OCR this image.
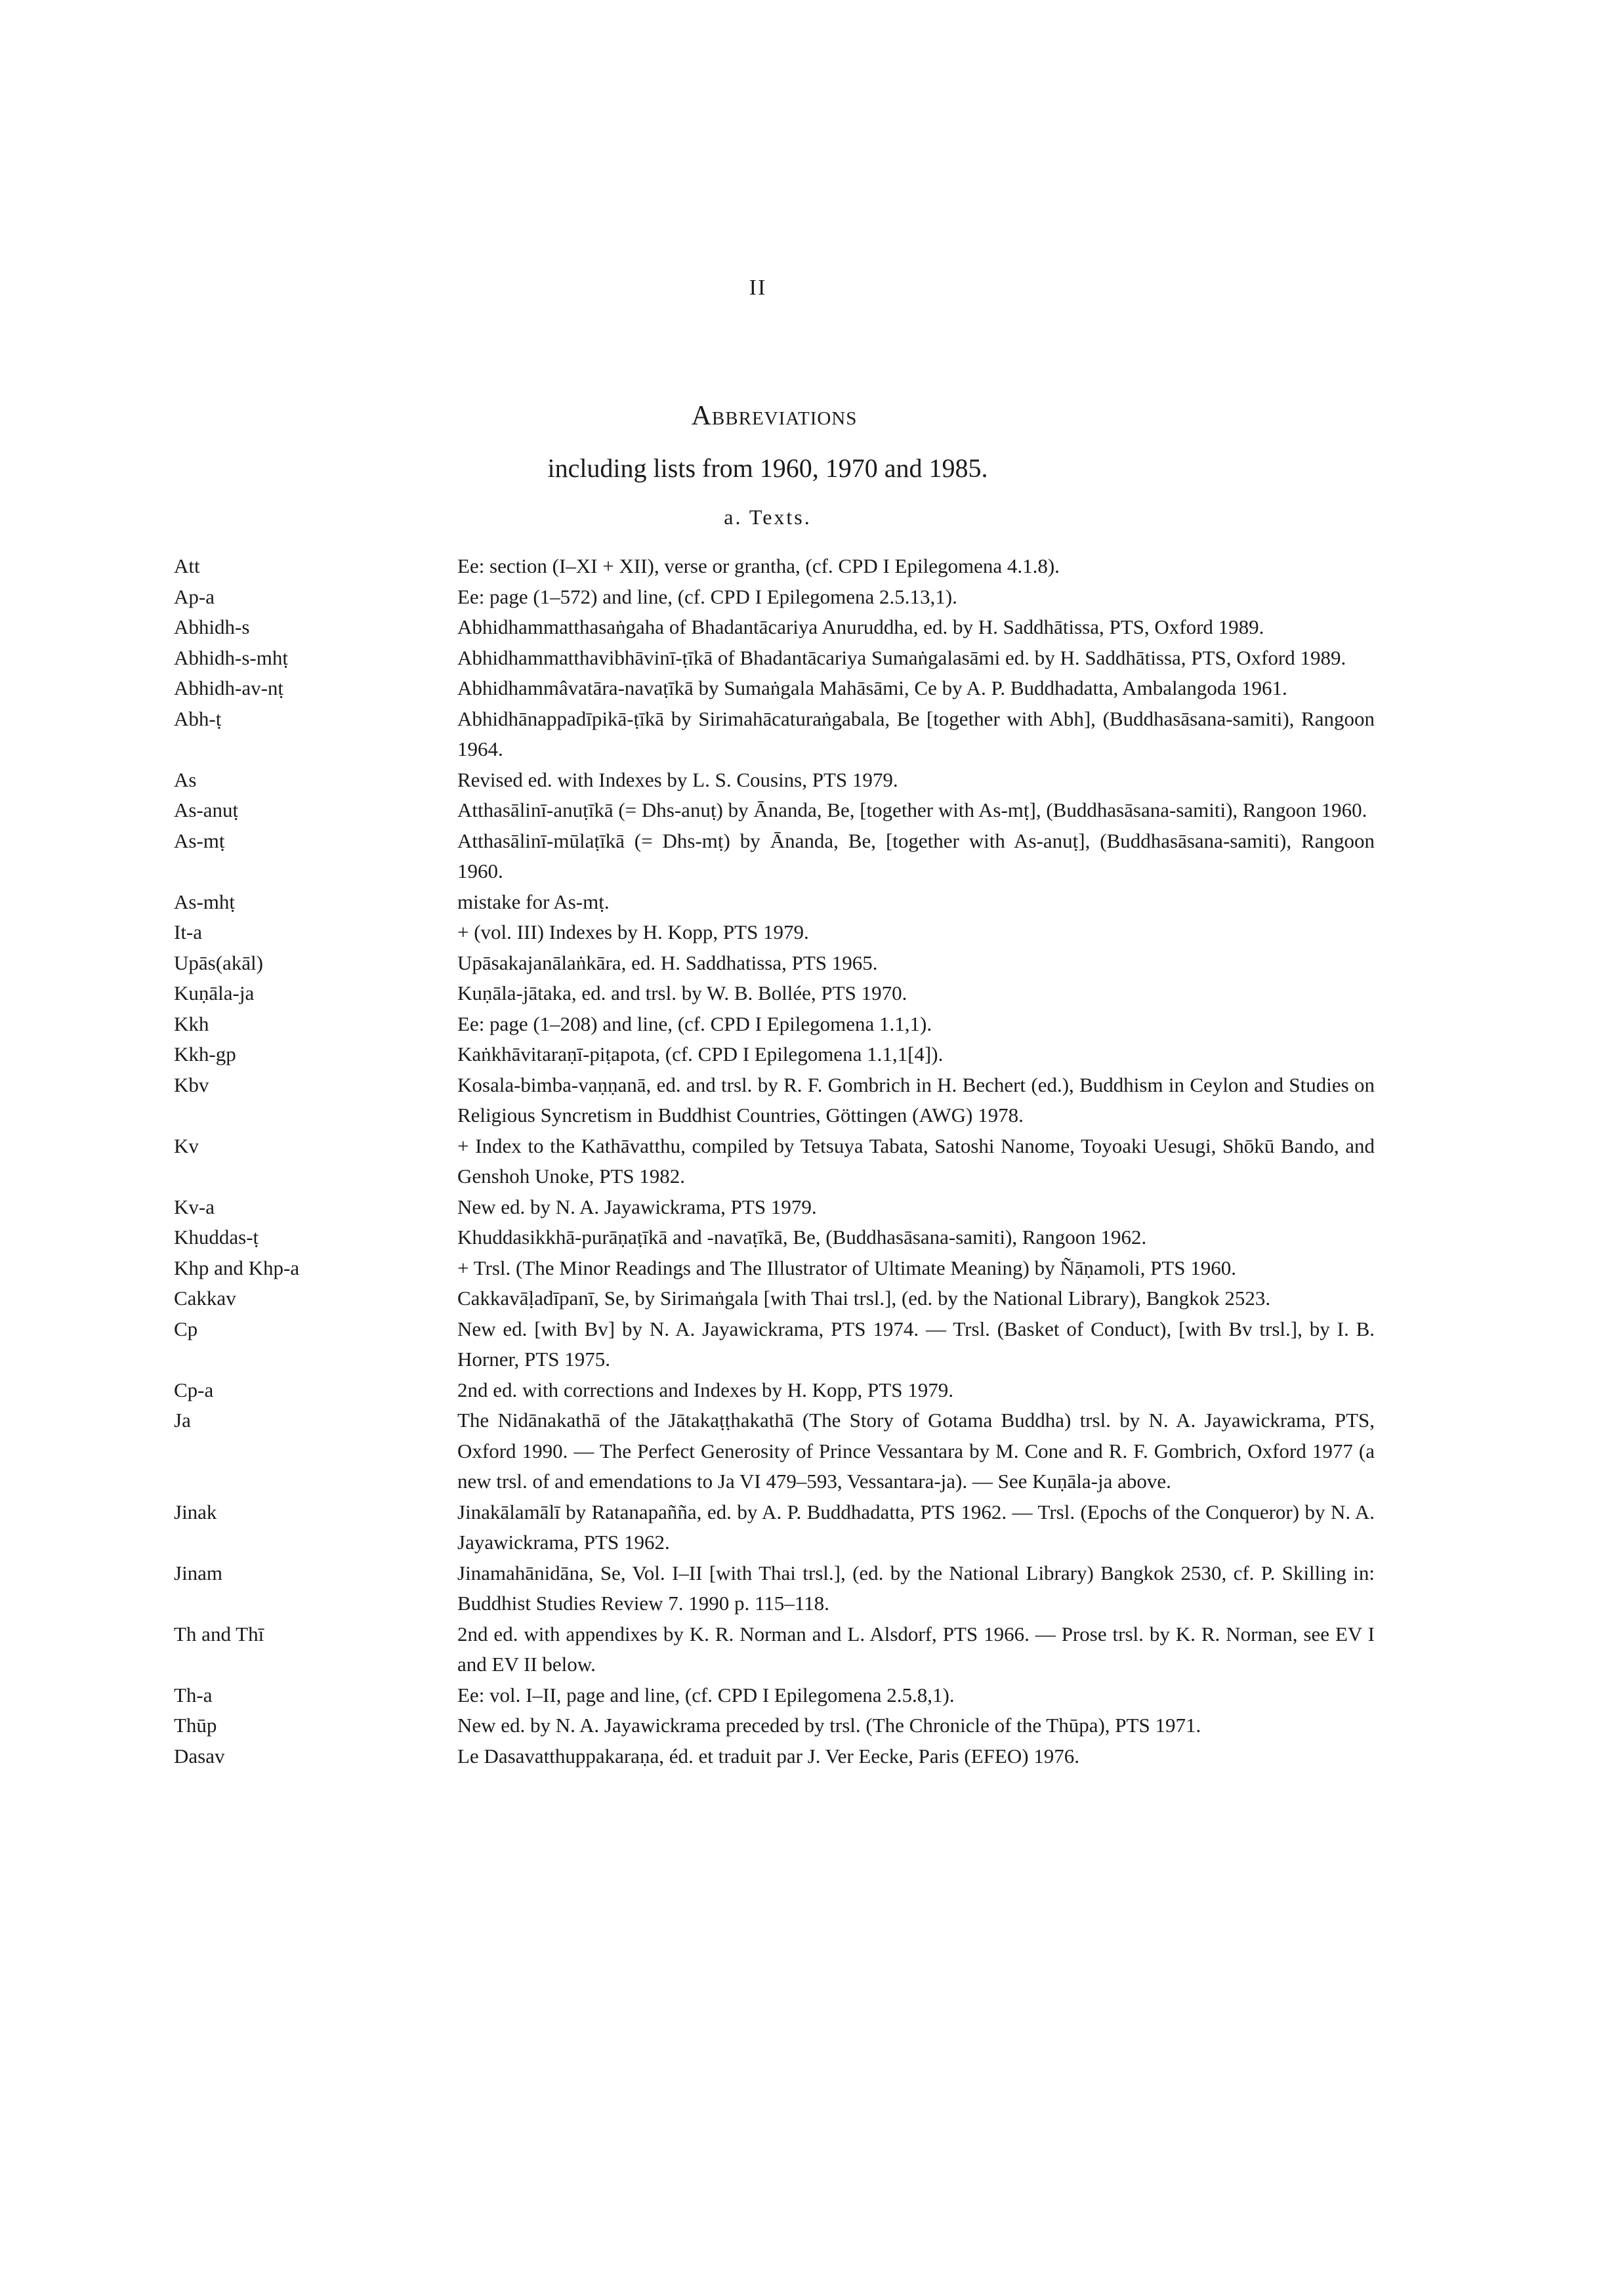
II
Abbreviations
including lists from 1960, 1970 and 1985.
a. Texts.
Att	Ee: section (I–XI + XII), verse or grantha, (cf. CPD I Epilegomena 4.1.8).
Ap-a	Ee: page (1–572) and line, (cf. CPD I Epilegomena 2.5.13,1).
Abhidh-s	Abhidhammatthasaṅgaha of Bhadantācariya Anuruddha, ed. by H. Saddhātissa, PTS, Oxford 1989.
Abhidh-s-mhṭ	Abhidhammatthavibhāvinī-ṭīkā of Bhadantācariya Sumaṅgalasāmi ed. by H. Saddhātissa, PTS, Oxford 1989.
Abhidh-av-nṭ	Abhidhammâvatāra-navaṭīkā by Sumaṅgala Mahāsāmi, Ce by A. P. Buddhadatta, Ambalangoda 1961.
Abh-ṭ	Abhidhānappadīpikā-ṭīkā by Sirimahācaturaṅgabala, Be [together with Abh], (Buddhasāsana-samiti), Rangoon 1964.
As	Revised ed. with Indexes by L. S. Cousins, PTS 1979.
As-anuṭ	Atthasālinī-anuṭīkā (= Dhs-anuṭ) by Ānanda, Be, [together with As-mṭ], (Buddhasāsana-samiti), Rangoon 1960.
As-mṭ	Atthasālinī-mūlaṭīkā (= Dhs-mṭ) by Ānanda, Be, [together with As-anuṭ], (Buddhasāsana-samiti), Rangoon 1960.
As-mhṭ	mistake for As-mṭ.
It-a	+ (vol. III) Indexes by H. Kopp, PTS 1979.
Upās(akāl)	Upāsakajanālaṅkāra, ed. H. Saddhatissa, PTS 1965.
Kuṇāla-ja	Kuṇāla-jātaka, ed. and trsl. by W. B. Bollée, PTS 1970.
Kkh	Ee: page (1–208) and line, (cf. CPD I Epilegomena 1.1,1).
Kkh-gp	Kaṅkhāvitaraṇī-piṭapota, (cf. CPD I Epilegomena 1.1,1[4]).
Kbv	Kosala-bimba-vaṇṇanā, ed. and trsl. by R. F. Gombrich in H. Bechert (ed.), Buddhism in Ceylon and Studies on Religious Syncretism in Buddhist Countries, Göttingen (AWG) 1978.
Kv	+ Index to the Kathāvatthu, compiled by Tetsuya Tabata, Satoshi Nanome, Toyoaki Uesugi, Shōkū Bando, and Genshoh Unoke, PTS 1982.
Kv-a	New ed. by N. A. Jayawickrama, PTS 1979.
Khuddas-ṭ	Khuddasikkhā-purāṇaṭīkā and -navaṭīkā, Be, (Buddhasāsana-samiti), Rangoon 1962.
Khp and Khp-a	+ Trsl. (The Minor Readings and The Illustrator of Ultimate Meaning) by Ñāṇamoli, PTS 1960.
Cakkav	Cakkavāḷadīpanī, Se, by Sirimaṅgala [with Thai trsl.], (ed. by the National Library), Bangkok 2523.
Cp	New ed. [with Bv] by N. A. Jayawickrama, PTS 1974. — Trsl. (Basket of Conduct), [with Bv trsl.], by I. B. Horner, PTS 1975.
Cp-a	2nd ed. with corrections and Indexes by H. Kopp, PTS 1979.
Ja	The Nidānakathā of the Jātakaṭṭhakathā (The Story of Gotama Buddha) trsl. by N. A. Jayawickrama, PTS, Oxford 1990. — The Perfect Generosity of Prince Vessantara by M. Cone and R. F. Gombrich, Oxford 1977 (a new trsl. of and emendations to Ja VI 479–593, Vessantara-ja). — See Kuṇāla-ja above.
Jinak	Jinakālamālī by Ratanapañña, ed. by A. P. Buddhadatta, PTS 1962. — Trsl. (Epochs of the Conqueror) by N. A. Jayawickrama, PTS 1962.
Jinam	Jinamahānidāna, Se, Vol. I–II [with Thai trsl.], (ed. by the National Library) Bangkok 2530, cf. P. Skilling in: Buddhist Studies Review 7. 1990 p. 115–118.
Th and Thī	2nd ed. with appendixes by K. R. Norman and L. Alsdorf, PTS 1966. — Prose trsl. by K. R. Norman, see EV I and EV II below.
Th-a	Ee: vol. I–II, page and line, (cf. CPD I Epilegomena 2.5.8,1).
Thūp	New ed. by N. A. Jayawickrama preceded by trsl. (The Chronicle of the Thūpa), PTS 1971.
Dasav	Le Dasavatthuppakaraṇa, éd. et traduit par J. Ver Eecke, Paris (EFEO) 1976.
